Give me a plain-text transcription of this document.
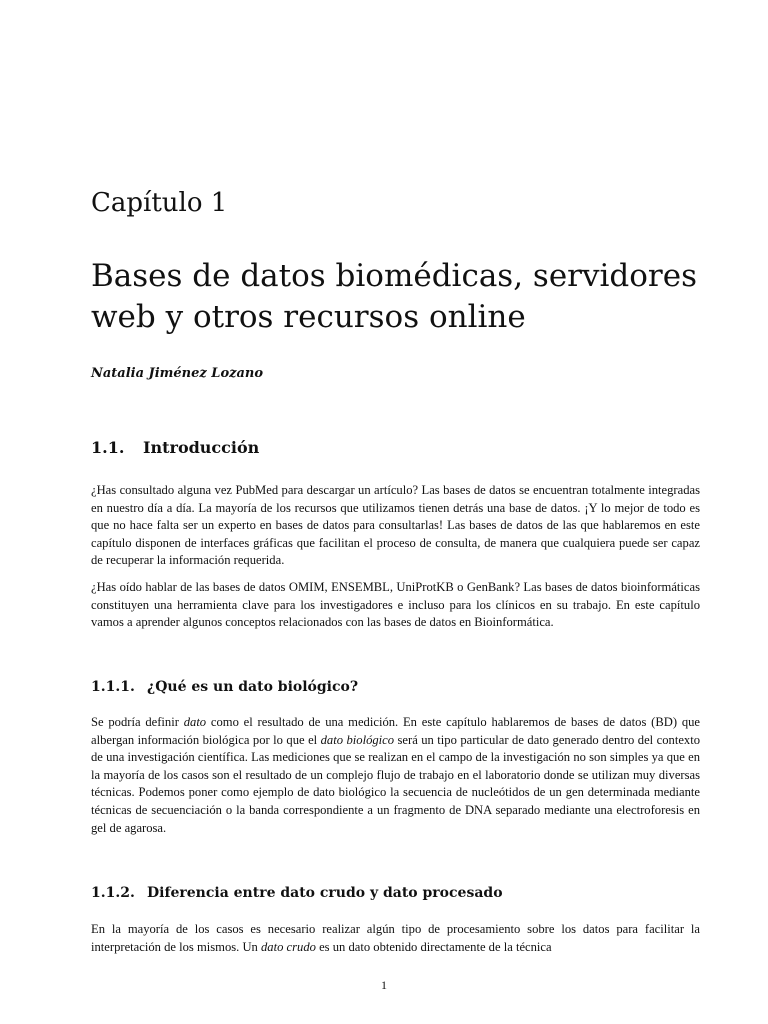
Capítulo 1
Bases de datos biomédicas, servidores web y otros recursos online

Natalia Jiménez Lozano

1.1. Introducción

¿Has consultado alguna vez PubMed para descargar un artículo? Las bases de datos se encuentran totalmente integradas en nuestro día a día. La mayoría de los recursos que utilizamos tienen detrás una base de datos. ¡Y lo mejor de todo es que no hace falta ser un experto en bases de datos para consultarlas! Las bases de datos de las que hablaremos en este capítulo disponen de interfaces gráficas que facilitan el proceso de consulta, de manera que cualquiera puede ser capaz de recuperar la información requerida.

¿Has oído hablar de las bases de datos OMIM, ENSEMBL, UniProtKB o GenBank? Las bases de datos bioinformáticas constituyen una herramienta clave para los investigadores e incluso para los clínicos en su trabajo. En este capítulo vamos a aprender algunos conceptos relacionados con las bases de datos en Bioinformática.

1.1.1. ¿Qué es un dato biológico?

Se podría definir dato como el resultado de una medición. En este capítulo hablaremos de bases de datos (BD) que albergan información biológica por lo que el dato biológico será un tipo particular de dato generado dentro del contexto de una investigación científica. Las mediciones que se realizan en el campo de la investigación no son simples ya que en la mayoría de los casos son el resultado de un complejo flujo de trabajo en el laboratorio donde se utilizan muy diversas técnicas. Podemos poner como ejemplo de dato biológico la secuencia de nucleótidos de un gen determinada mediante técnicas de secuenciación o la banda correspondiente a un fragmento de DNA separado mediante una electroforesis en gel de agarosa.

1.1.2. Diferencia entre dato crudo y dato procesado

En la mayoría de los casos es necesario realizar algún tipo de procesamiento sobre los datos para facilitar la interpretación de los mismos. Un dato crudo es un dato obtenido directamente de la técnica

1
